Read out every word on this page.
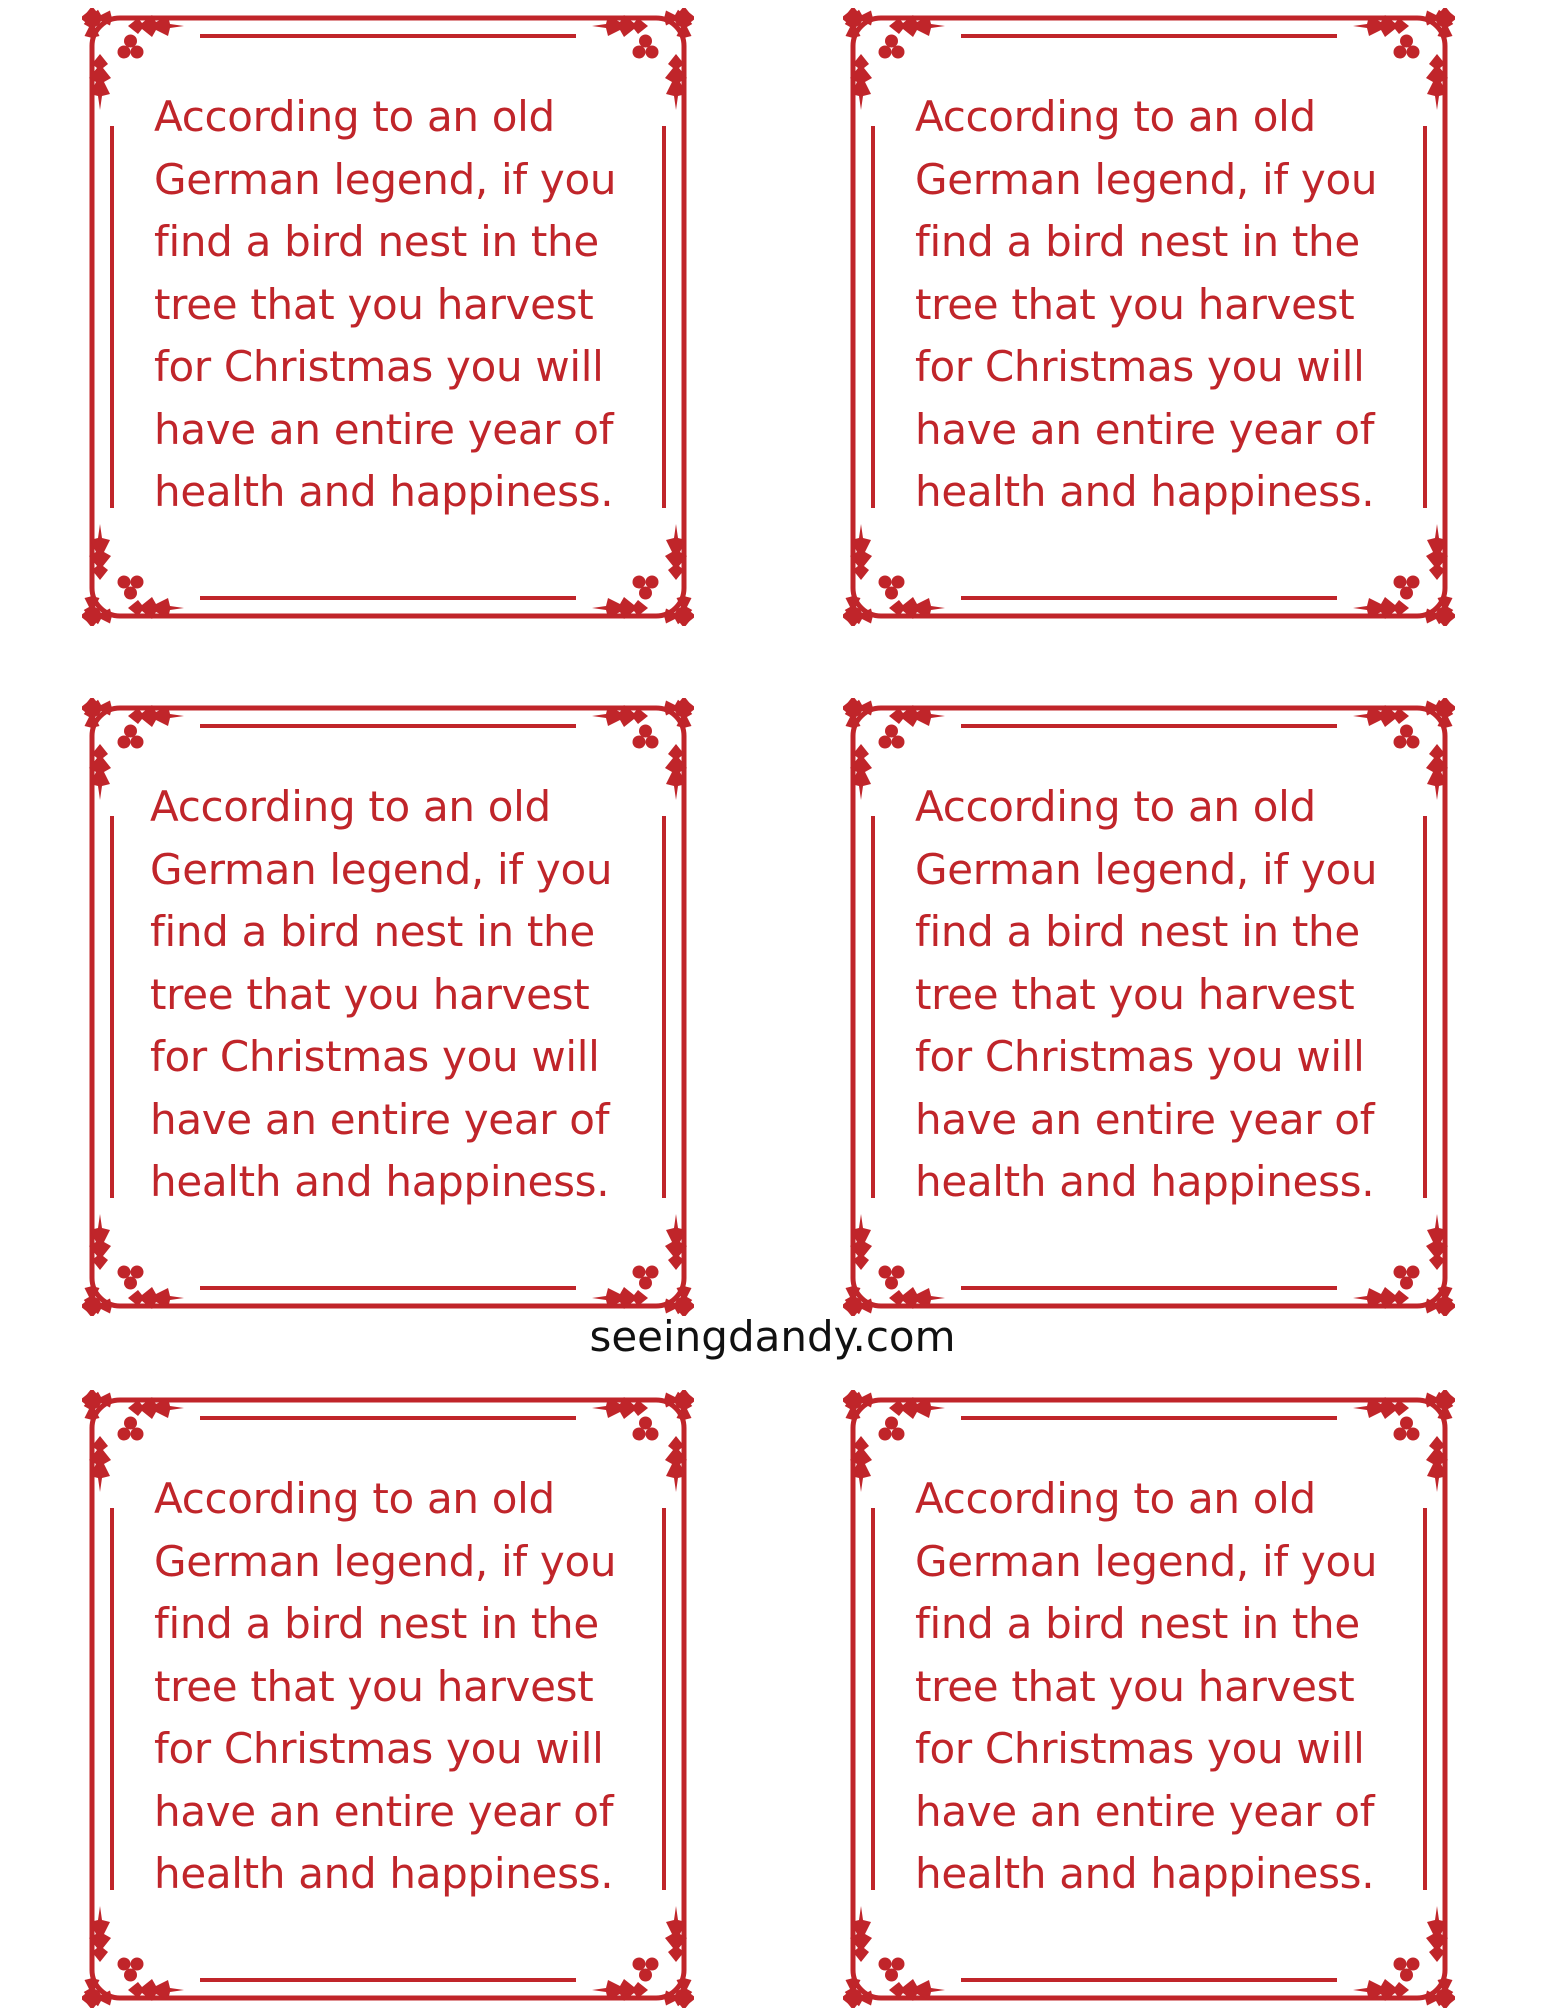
According to an old
German legend, if you
find a bird nest in the
tree that you harvest
for Christmas you will
have an entire year of
health and happiness.
According to an old
German legend, if you
find a bird nest in the
tree that you harvest
for Christmas you will
have an entire year of
health and happiness.
According to an old
German legend, if you
find a bird nest in the
tree that you harvest
for Christmas you will
have an entire year of
health and happiness.
According to an old
German legend, if you
find a bird nest in the
tree that you harvest
for Christmas you will
have an entire year of
health and happiness.
According to an old
German legend, if you
find a bird nest in the
tree that you harvest
for Christmas you will
have an entire year of
health and happiness.
According to an old
German legend, if you
find a bird nest in the
tree that you harvest
for Christmas you will
have an entire year of
health and happiness.
seeingdandy.com
